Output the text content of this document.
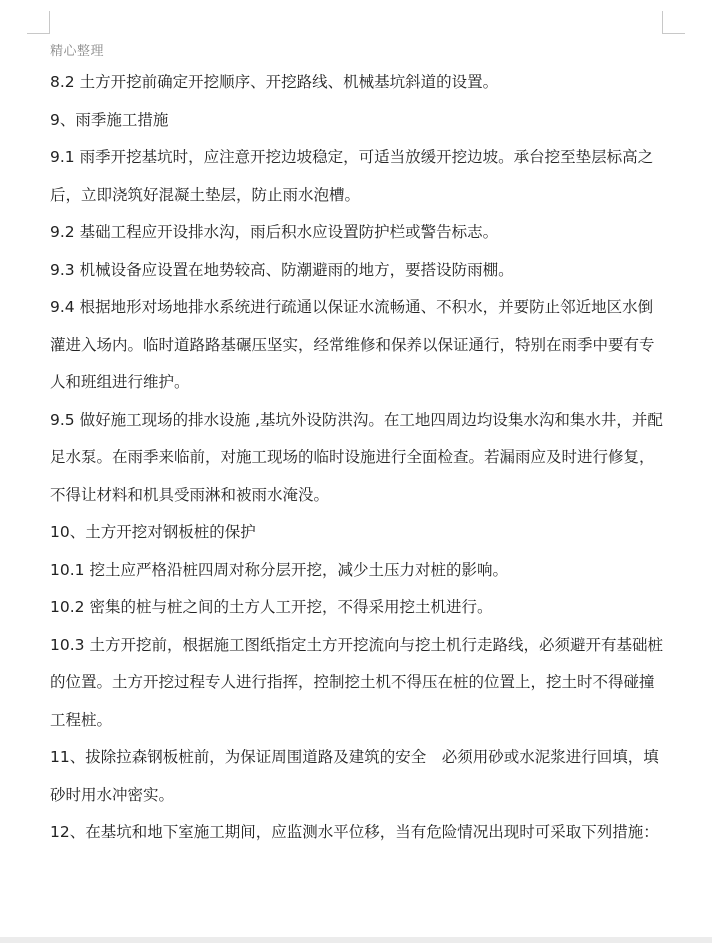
精心整理

8.2 土方开挖前确定开挖顺序、开挖路线、机械基坑斜道的设置。

9、雨季施工措施

9.1 雨季开挖基坑时，应注意开挖边坡稳定，可适当放缓开挖边坡。承台挖至垫层标高之后，立即浇筑好混凝土垫层，防止雨水泡槽。

9.2 基础工程应开设排水沟，雨后积水应设置防护栏或警告标志。

9.3 机械设备应设置在地势较高、防潮避雨的地方，要搭设防雨棚。

9.4 根据地形对场地排水系统进行疏通以保证水流畅通、不积水，并要防止邻近地区水倒灌进入场内。临时道路路基碾压坚实，经常维修和保养以保证通行，特别在雨季中要有专人和班组进行维护。

9.5 做好施工现场的排水设施 ,基坑外设防洪沟。在工地四周边均设集水沟和集水井，并配足水泵。在雨季来临前，对施工现场的临时设施进行全面检查。若漏雨应及时进行修复，不得让材料和机具受雨淋和被雨水淹没。

10、土方开挖对钢板桩的保护

10.1 挖土应严格沿桩四周对称分层开挖，减少土压力对桩的影响。

10.2 密集的桩与桩之间的土方人工开挖，不得采用挖土机进行。

10.3 土方开挖前，根据施工图纸指定土方开挖流向与挖土机行走路线，必须避开有基础桩的位置。土方开挖过程专人进行指挥，控制挖土机不得压在桩的位置上，挖土时不得碰撞工程桩。

11、拔除拉森钢板桩前，为保证周围道路及建筑的安全　必须用砂或水泥浆进行回填，填砂时用水冲密实。

12、在基坑和地下室施工期间，应监测水平位移，当有危险情况出现时可采取下列措施：
